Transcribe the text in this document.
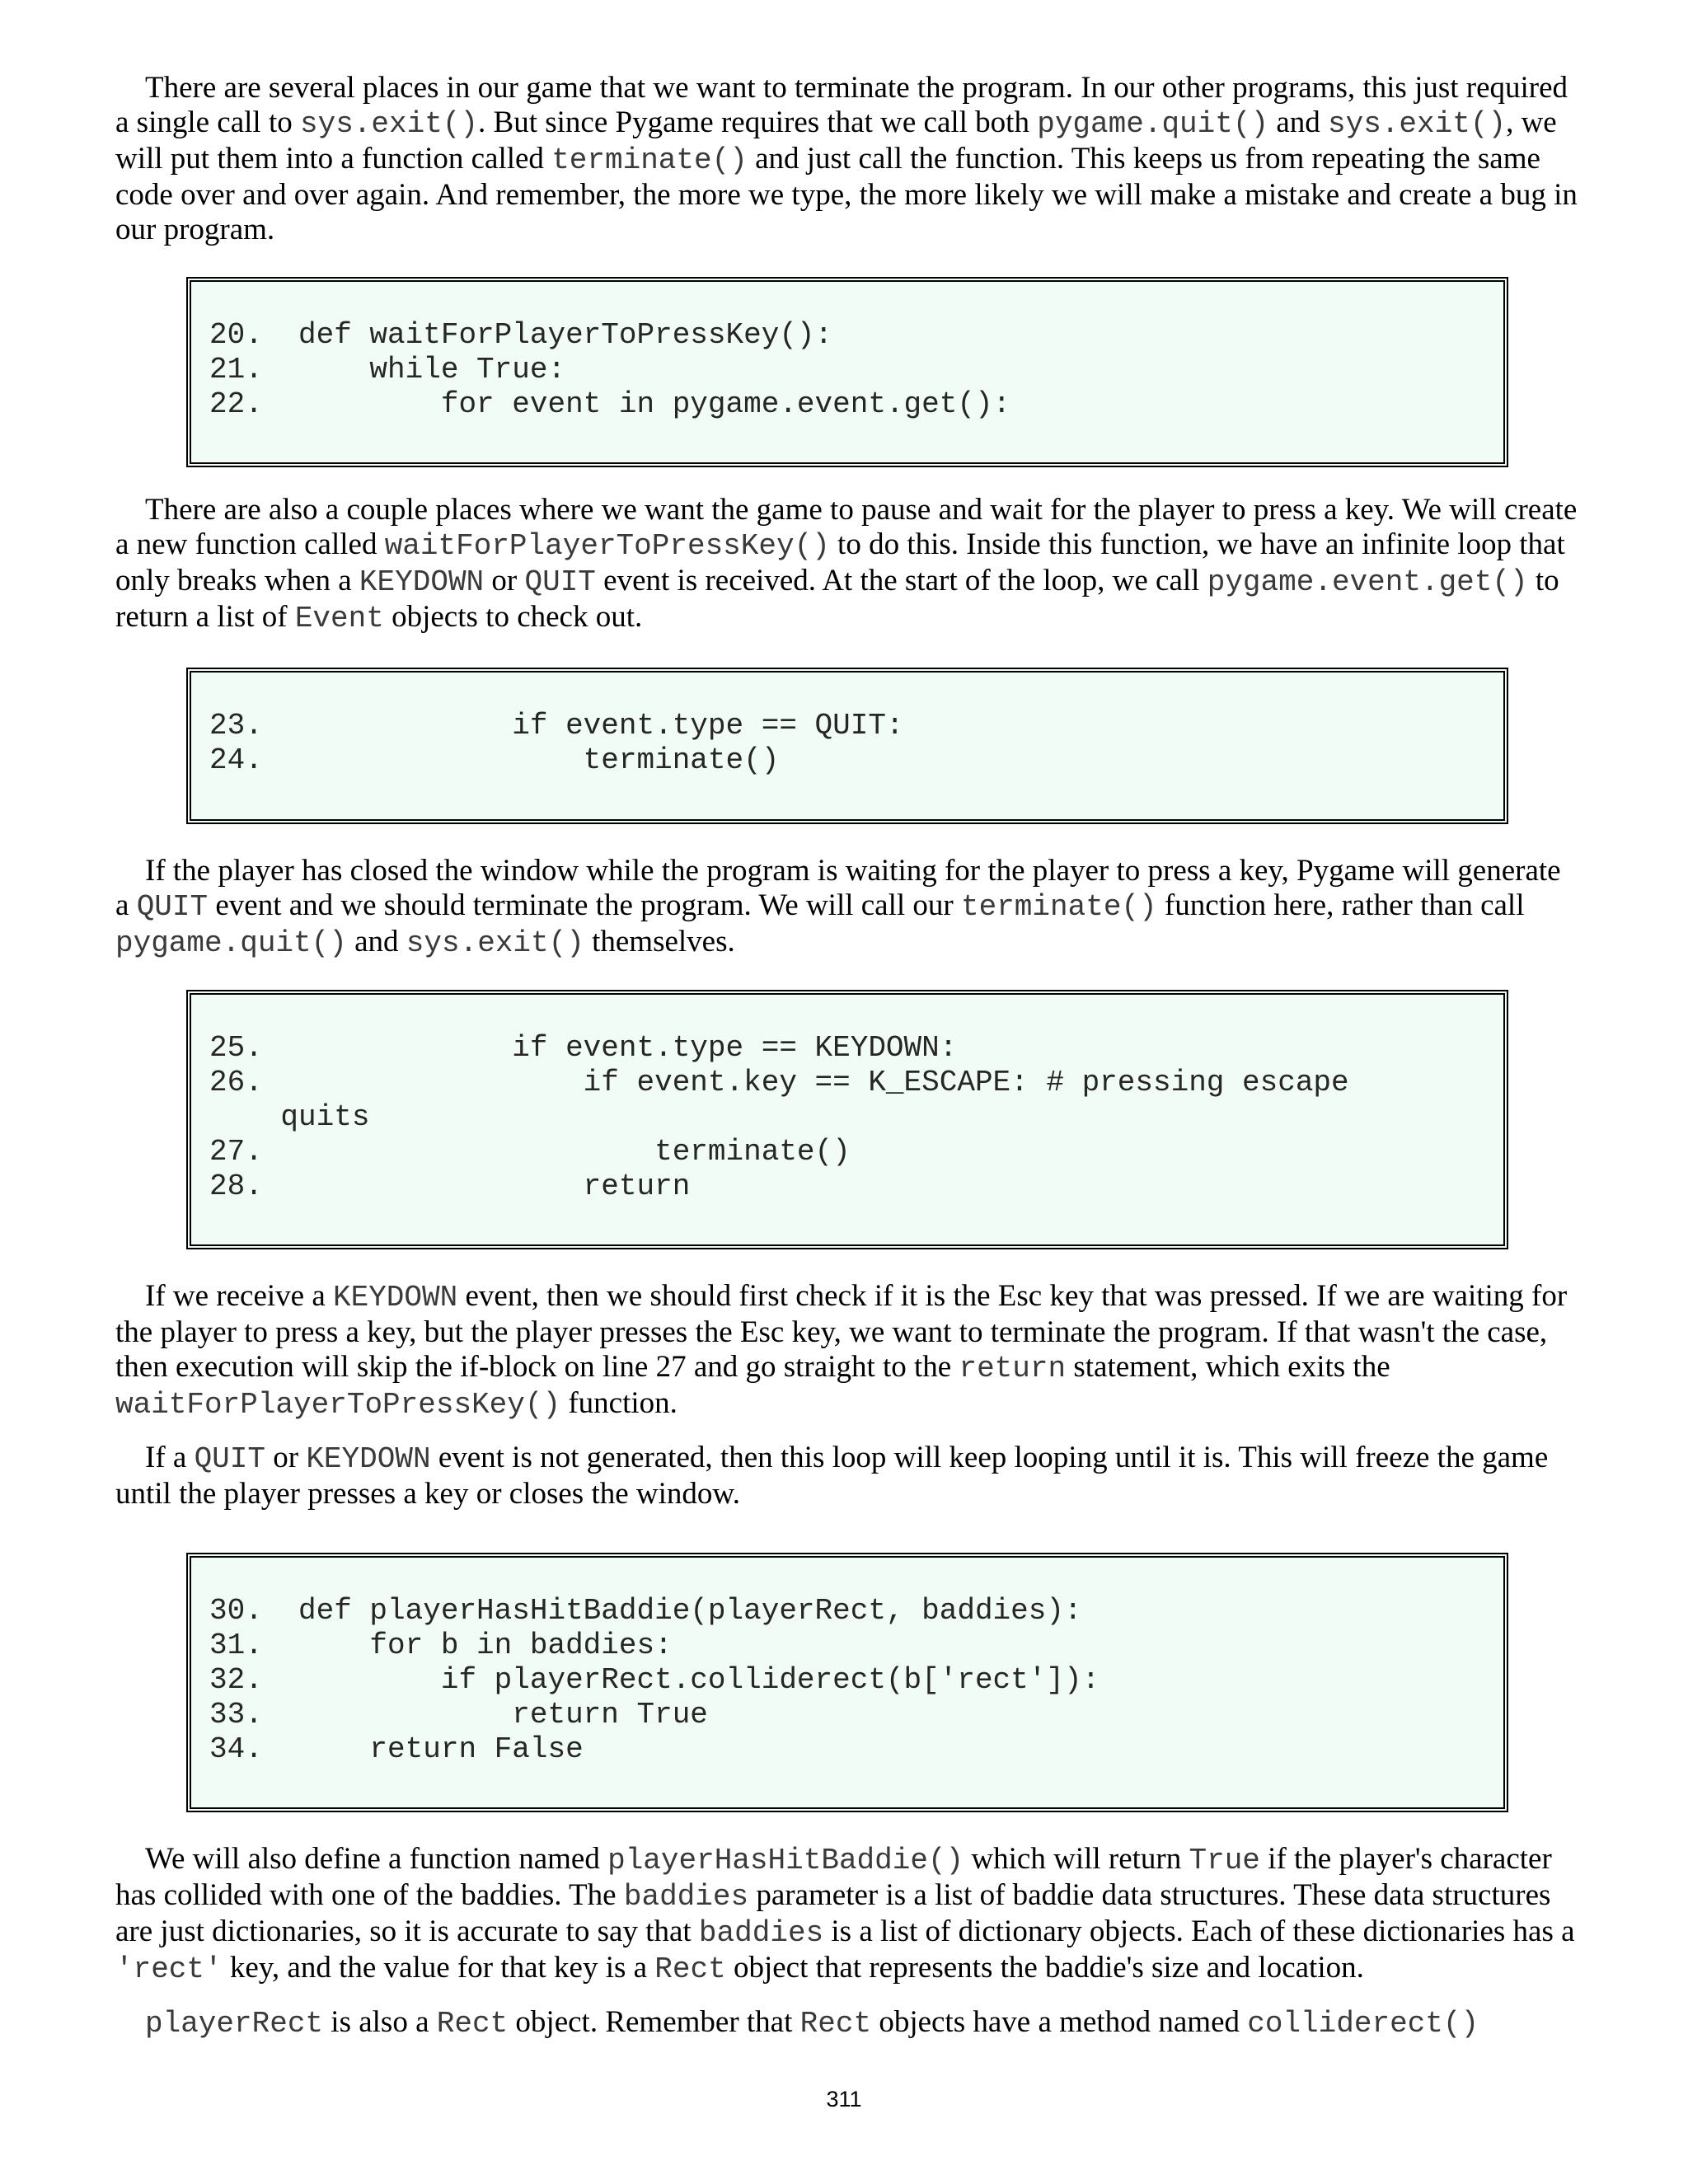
There are several places in our game that we want to terminate the program. In our other programs, this just required a single call to sys.exit(). But since Pygame requires that we call both pygame.quit() and sys.exit(), we will put them into a function called terminate() and just call the function. This keeps us from repeating the same code over and over again. And remember, the more we type, the more likely we will make a mistake and create a bug in our program.

20.  def waitForPlayerToPressKey():
21.      while True:
22.          for event in pygame.event.get():

There are also a couple places where we want the game to pause and wait for the player to press a key. We will create a new function called waitForPlayerToPressKey() to do this. Inside this function, we have an infinite loop that only breaks when a KEYDOWN or QUIT event is received. At the start of the loop, we call pygame.event.get() to return a list of Event objects to check out.

23.              if event.type == QUIT:
24.                  terminate()

If the player has closed the window while the program is waiting for the player to press a key, Pygame will generate a QUIT event and we should terminate the program. We will call our terminate() function here, rather than call pygame.quit() and sys.exit() themselves.

25.              if event.type == KEYDOWN:
26.                  if event.key == K_ESCAPE: # pressing escape
quits
27.                      terminate()
28.                  return

If we receive a KEYDOWN event, then we should first check if it is the Esc key that was pressed. If we are waiting for the player to press a key, but the player presses the Esc key, we want to terminate the program. If that wasn't the case, then execution will skip the if-block on line 27 and go straight to the return statement, which exits the waitForPlayerToPressKey() function.

If a QUIT or KEYDOWN event is not generated, then this loop will keep looping until it is. This will freeze the game until the player presses a key or closes the window.

30.  def playerHasHitBaddie(playerRect, baddies):
31.      for b in baddies:
32.          if playerRect.colliderect(b['rect']):
33.              return True
34.      return False

We will also define a function named playerHasHitBaddie() which will return True if the player's character has collided with one of the baddies. The baddies parameter is a list of baddie data structures. These data structures are just dictionaries, so it is accurate to say that baddies is a list of dictionary objects. Each of these dictionaries has a 'rect' key, and the value for that key is a Rect object that represents the baddie's size and location.

playerRect is also a Rect object. Remember that Rect objects have a method named colliderect()

311
